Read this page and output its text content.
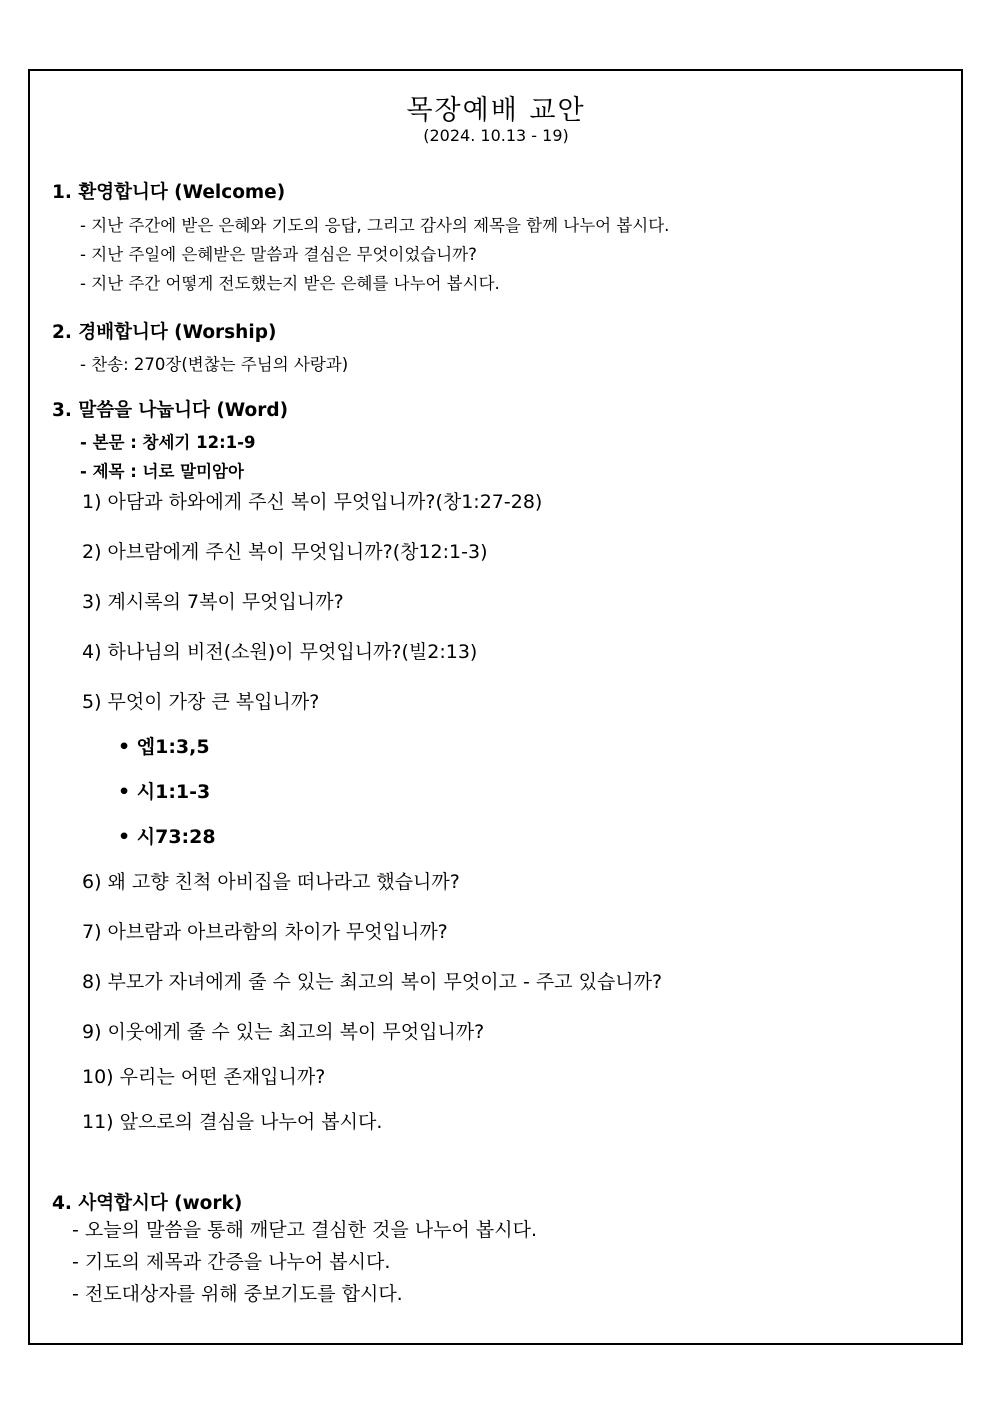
목장예배 교안
(2024. 10.13 - 19)
1. 환영합니다 (Welcome)
- 지난 주간에 받은 은혜와 기도의 응답, 그리고 감사의 제목을 함께 나누어 봅시다.
- 지난 주일에 은혜받은 말씀과 결심은 무엇이었습니까?
- 지난 주간 어떻게 전도했는지 받은 은혜를 나누어 봅시다.
2. 경배합니다 (Worship)
- 찬송: 270장(변찮는 주님의 사랑과)
3. 말씀을 나눕니다 (Word)
- 본문 : 창세기 12:1-9
- 제목 : 너로 말미암아
1) 아담과 하와에게 주신 복이 무엇입니까?(창1:27-28)
2) 아브람에게 주신 복이 무엇입니까?(창12:1-3)
3) 계시록의 7복이 무엇입니까?
4) 하나님의 비전(소원)이 무엇입니까?(빌2:13)
5) 무엇이 가장 큰 복입니까?
• 엡1:3,5
• 시1:1-3
• 시73:28
6) 왜 고향 친척 아비집을 떠나라고 했습니까?
7) 아브람과 아브라함의 차이가 무엇입니까?
8) 부모가 자녀에게 줄 수 있는 최고의 복이 무엇이고 - 주고 있습니까?
9) 이웃에게 줄 수 있는 최고의 복이 무엇입니까?
10) 우리는 어떤 존재입니까?
11) 앞으로의 결심을 나누어 봅시다.
4. 사역합시다 (work)
- 오늘의 말씀을 통해 깨닫고 결심한 것을 나누어 봅시다.
- 기도의 제목과 간증을 나누어 봅시다.
- 전도대상자를 위해 중보기도를 합시다.
